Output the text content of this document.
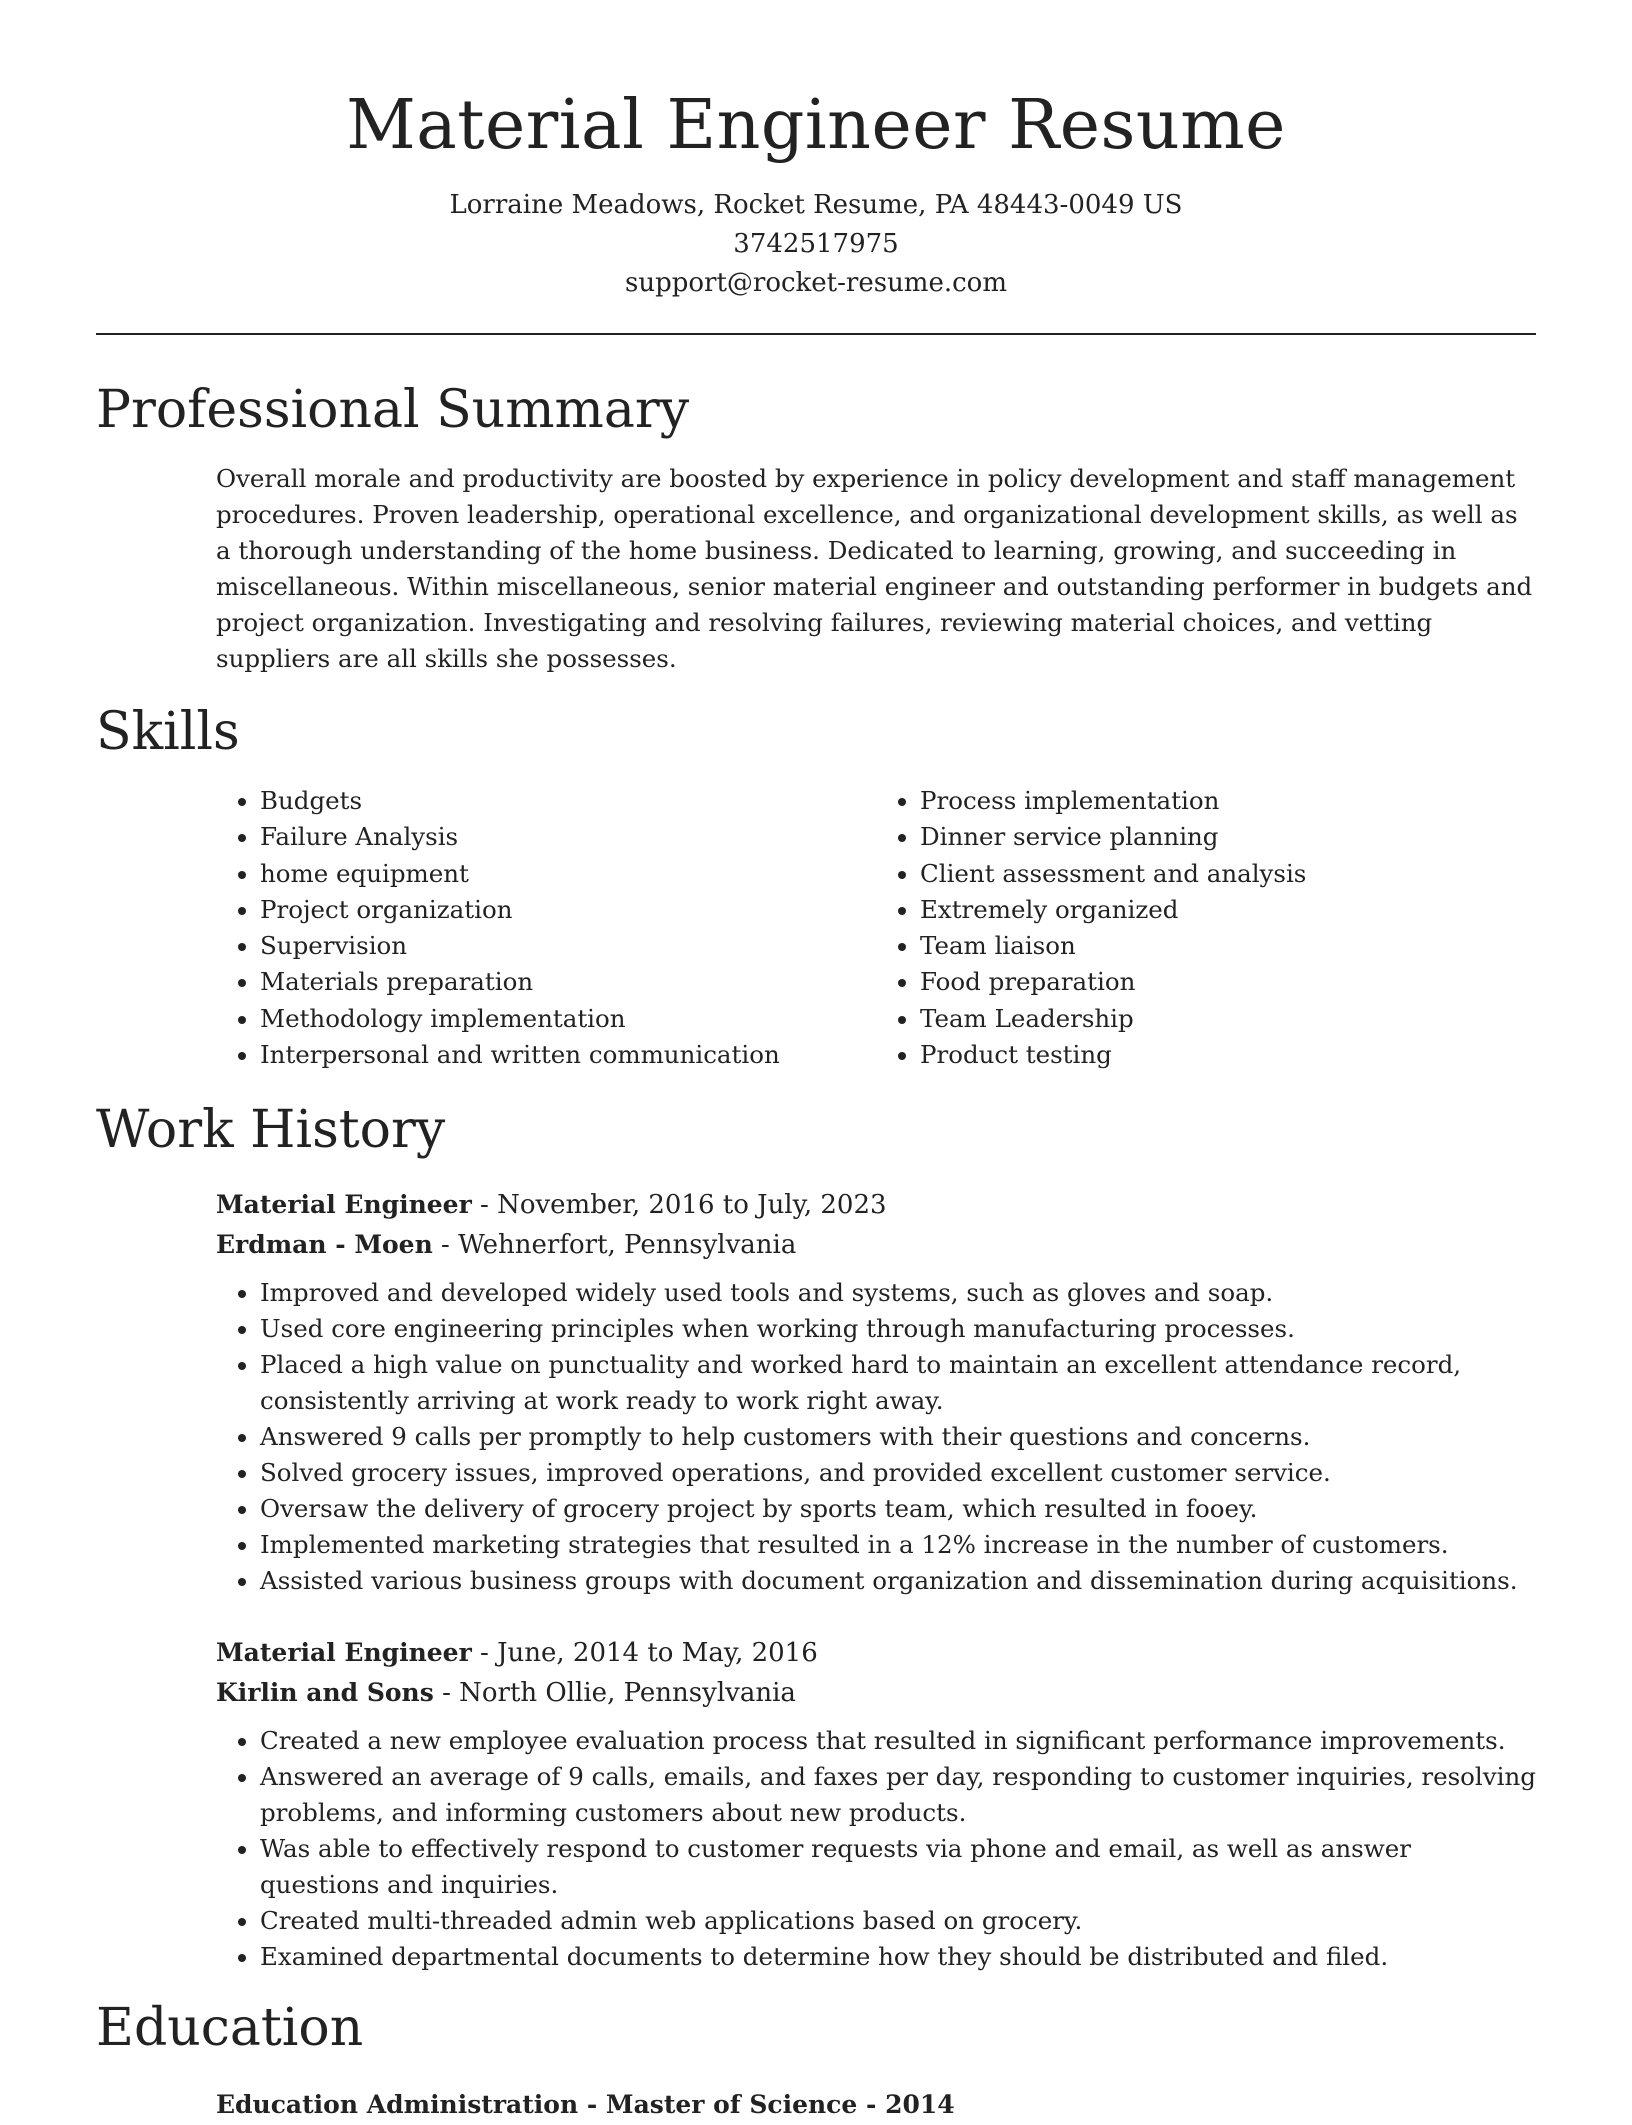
Material Engineer Resume
Lorraine Meadows, Rocket Resume, PA 48443-0049 US
3742517975
support@rocket-resume.com
Professional Summary
Overall morale and productivity are boosted by experience in policy development and staff management procedures. Proven leadership, operational excellence, and organizational development skills, as well as a thorough understanding of the home business. Dedicated to learning, growing, and succeeding in miscellaneous. Within miscellaneous, senior material engineer and outstanding performer in budgets and project organization. Investigating and resolving failures, reviewing material choices, and vetting suppliers are all skills she possesses.
Skills
• Budgets
• Failure Analysis
• home equipment
• Project organization
• Supervision
• Materials preparation
• Methodology implementation
• Interpersonal and written communication
• Process implementation
• Dinner service planning
• Client assessment and analysis
• Extremely organized
• Team liaison
• Food preparation
• Team Leadership
• Product testing
Work History
Material Engineer - November, 2016 to July, 2023
Erdman - Moen - Wehnerfort, Pennsylvania
• Improved and developed widely used tools and systems, such as gloves and soap.
• Used core engineering principles when working through manufacturing processes.
• Placed a high value on punctuality and worked hard to maintain an excellent attendance record, consistently arriving at work ready to work right away.
• Answered 9 calls per promptly to help customers with their questions and concerns.
• Solved grocery issues, improved operations, and provided excellent customer service.
• Oversaw the delivery of grocery project by sports team, which resulted in fooey.
• Implemented marketing strategies that resulted in a 12% increase in the number of customers.
• Assisted various business groups with document organization and dissemination during acquisitions.
Material Engineer - June, 2014 to May, 2016
Kirlin and Sons - North Ollie, Pennsylvania
• Created a new employee evaluation process that resulted in significant performance improvements.
• Answered an average of 9 calls, emails, and faxes per day, responding to customer inquiries, resolving problems, and informing customers about new products.
• Was able to effectively respond to customer requests via phone and email, as well as answer questions and inquiries.
• Created multi-threaded admin web applications based on grocery.
• Examined departmental documents to determine how they should be distributed and filed.
Education
Education Administration - Master of Science - 2014
